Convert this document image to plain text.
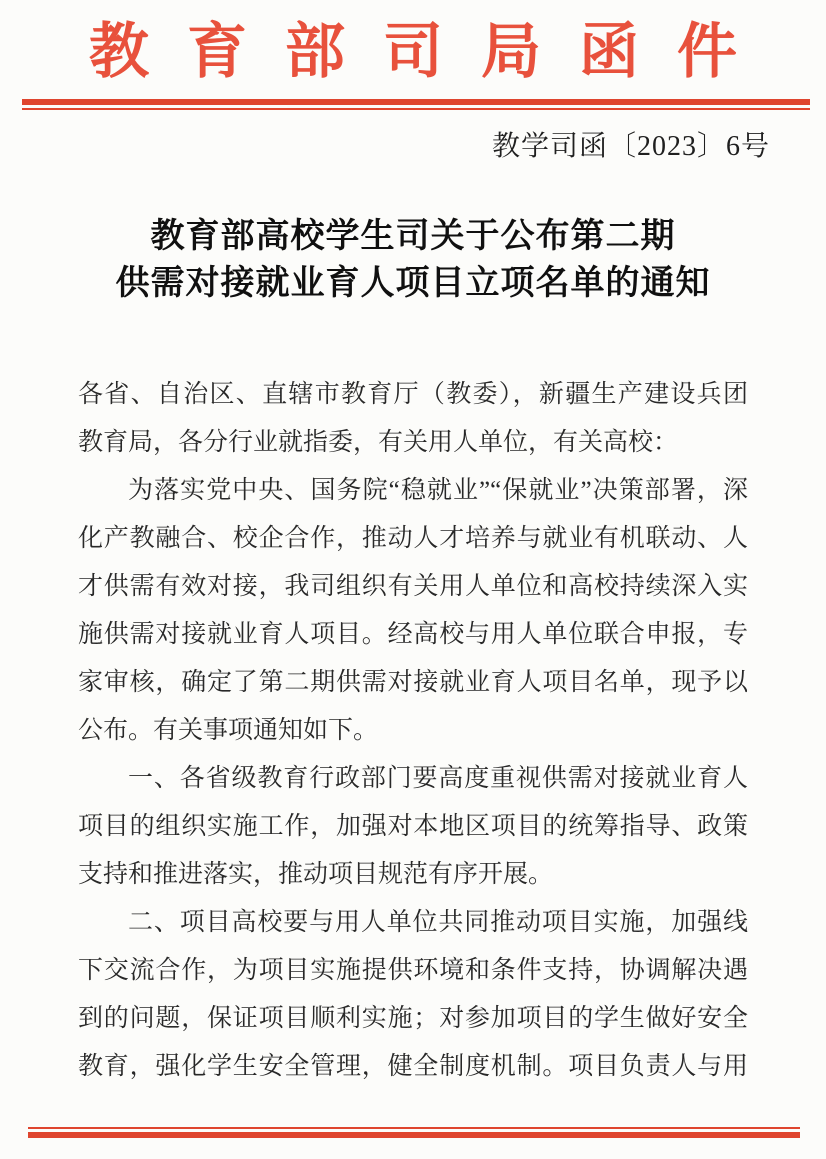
教育部司局函件
教学司函〔2023〕6号
教育部高校学生司关于公布第二期
供需对接就业育人项目立项名单的通知
各省、自治区、直辖市教育厅（教委），新疆生产建设兵团
教育局，各分行业就指委，有关用人单位，有关高校：
为落实党中央、国务院“稳就业”“保就业”决策部署，深
化产教融合、校企合作，推动人才培养与就业有机联动、人
才供需有效对接，我司组织有关用人单位和高校持续深入实
施供需对接就业育人项目。经高校与用人单位联合申报，专
家审核，确定了第二期供需对接就业育人项目名单，现予以
公布。有关事项通知如下。
一、各省级教育行政部门要高度重视供需对接就业育人
项目的组织实施工作，加强对本地区项目的统筹指导、政策
支持和推进落实，推动项目规范有序开展。
二、项目高校要与用人单位共同推动项目实施，加强线
下交流合作，为项目实施提供环境和条件支持，协调解决遇
到的问题，保证项目顺利实施；对参加项目的学生做好安全
教育，强化学生安全管理，健全制度机制。项目负责人与用
